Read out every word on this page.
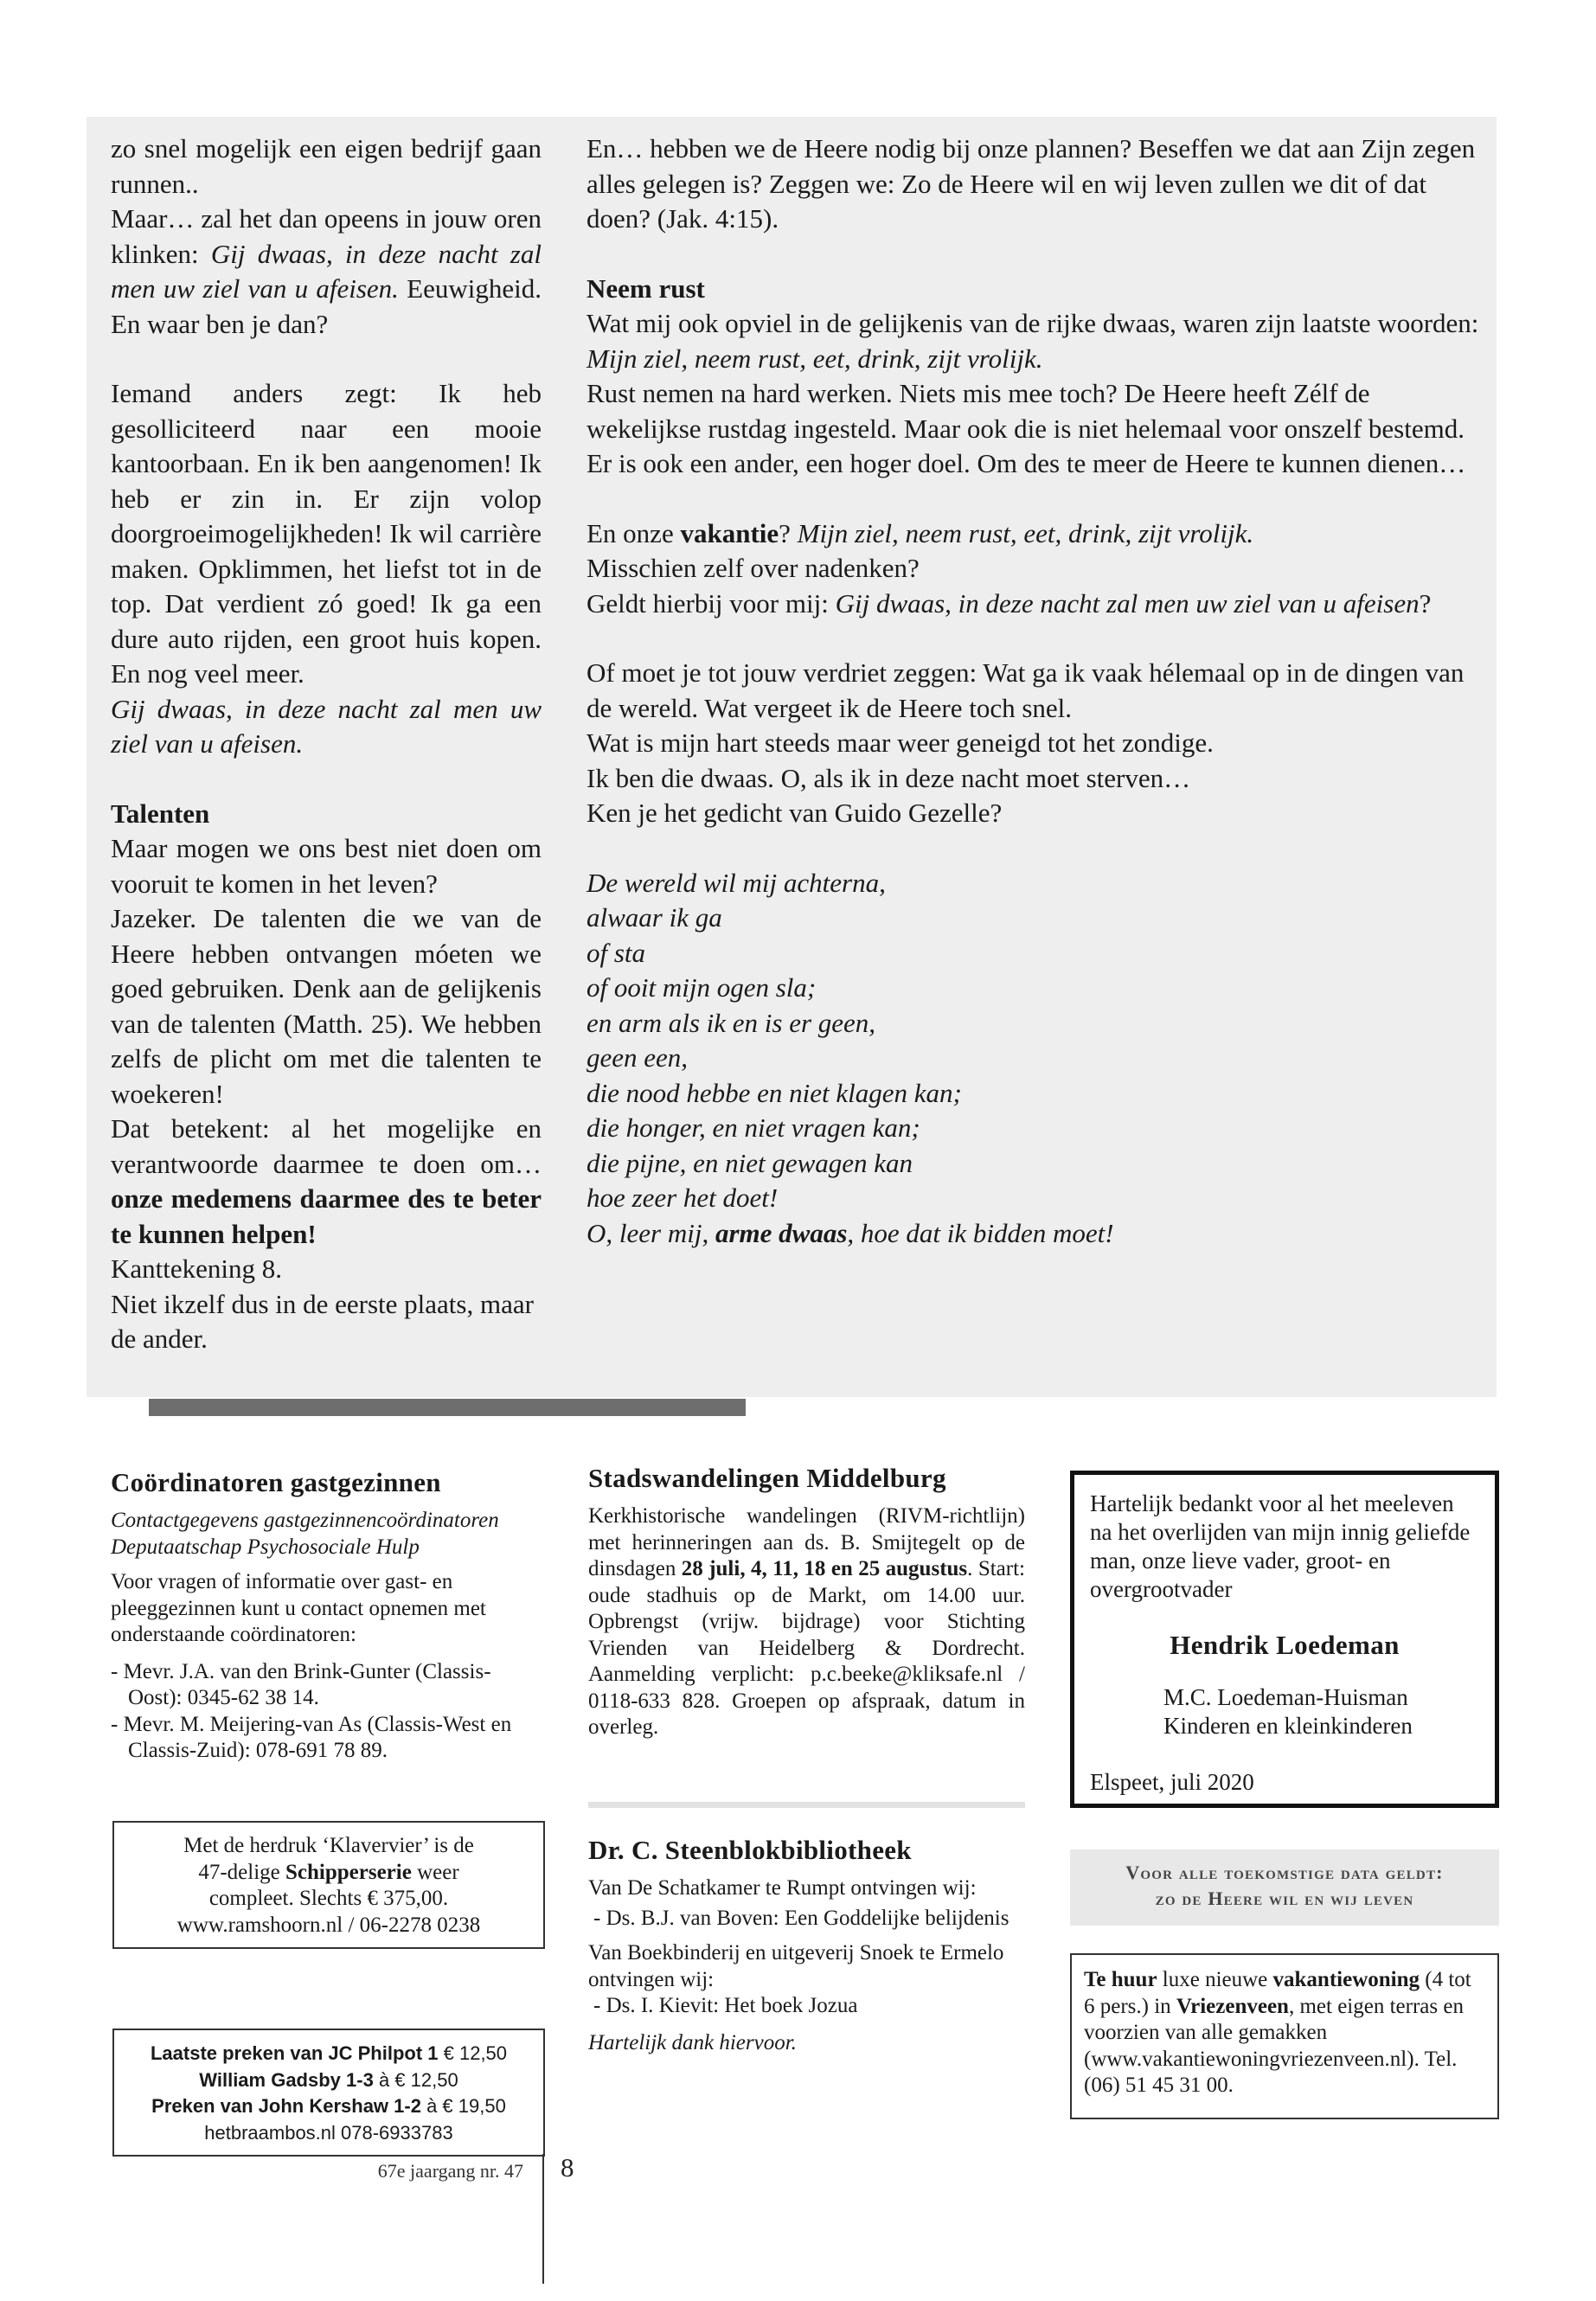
zo snel mogelijk een eigen bedrijf gaan runnen..

Maar… zal het dan opeens in jouw oren klinken: Gij dwaas, in deze nacht zal men uw ziel van u afeisen. Eeuwigheid. En waar ben je dan?

Iemand anders zegt: Ik heb gesolliciteerd naar een mooie kantoorbaan. En ik ben aangenomen! Ik heb er zin in. Er zijn volop doorgroeimogelijkheden! Ik wil carrière maken. Opklimmen, het liefst tot in de top. Dat verdient zó goed! Ik ga een dure auto rijden, een groot huis kopen. En nog veel meer.

Gij dwaas, in deze nacht zal men uw ziel van u afeisen.

Talenten

Maar mogen we ons best niet doen om vooruit te komen in het leven?

Jazeker. De talenten die we van de Heere hebben ontvangen móeten we goed gebruiken. Denk aan de gelijkenis van de talenten (Matth. 25). We hebben zelfs de plicht om met die talenten te woekeren!

Dat betekent: al het mogelijke en verantwoorde daarmee te doen om… onze medemens daarmee des te beter te kunnen helpen!

Kanttekening 8.

Niet ikzelf dus in de eerste plaats, maar de ander.

En… hebben we de Heere nodig bij onze plannen? Beseffen we dat aan Zijn zegen alles gelegen is? Zeggen we: Zo de Heere wil en wij leven zullen we dit of dat doen? (Jak. 4:15).

Neem rust

Wat mij ook opviel in de gelijkenis van de rijke dwaas, waren zijn laatste woorden: Mijn ziel, neem rust, eet, drink, zijt vrolijk.

Rust nemen na hard werken. Niets mis mee toch? De Heere heeft Zélf de wekelijkse rustdag ingesteld. Maar ook die is niet helemaal voor onszelf bestemd. Er is ook een ander, een hoger doel. Om des te meer de Heere te kunnen dienen…

En onze vakantie? Mijn ziel, neem rust, eet, drink, zijt vrolijk.

Misschien zelf over nadenken?

Geldt hierbij voor mij: Gij dwaas, in deze nacht zal men uw ziel van u afeisen?

Of moet je tot jouw verdriet zeggen: Wat ga ik vaak hélemaal op in de dingen van de wereld. Wat vergeet ik de Heere toch snel.

Wat is mijn hart steeds maar weer geneigd tot het zondige.

Ik ben die dwaas. O, als ik in deze nacht moet sterven…

Ken je het gedicht van Guido Gezelle?

De wereld wil mij achterna,

alwaar ik ga

of sta

of ooit mijn ogen sla;

en arm als ik en is er geen,

geen een,

die nood hebbe en niet klagen kan;

die honger, en niet vragen kan;

die pijne, en niet gewagen kan

hoe zeer het doet!

O, leer mij, arme dwaas, hoe dat ik bidden moet!

Coördinatoren gastgezinnen
Contactgegevens gastgezinnencoördinatoren
Deputaatschap Psychosociale Hulp
Voor vragen of informatie over gast- en pleeggezinnen kunt u contact opnemen met onderstaande coördinatoren:
- Mevr. J.A. van den Brink-Gunter (Classis-Oost): 0345-62 38 14.
- Mevr. M. Meijering-van As (Classis-West en Classis-Zuid): 078-691 78 89.
Met de herdruk ‘Klavervier’ is de
47-delige Schipperserie weer
compleet. Slechts € 375,00.
www.ramshoorn.nl / 06-2278 0238
Laatste preken van JC Philpot 1 € 12,50
William Gadsby 1-3 à € 12,50
Preken van John Kershaw 1-2 à € 19,50
hetbraambos.nl 078-6933783
Stadswandelingen Middelburg
Kerkhistorische wandelingen (RIVM-richtlijn) met herinneringen aan ds. B. Smijtegelt op de dinsdagen 28 juli, 4, 11, 18 en 25 augustus. Start: oude stadhuis op de Markt, om 14.00 uur. Opbrengst (vrijw. bijdrage) voor Stichting Vrienden van Heidelberg & Dordrecht. Aanmelding verplicht: p.c.beeke@kliksafe.nl / 0118-633 828. Groepen op afspraak, datum in overleg.
Dr. C. Steenblokbibliotheek
Van De Schatkamer te Rumpt ontvingen wij:
- Ds. B.J. van Boven: Een Goddelijke belijdenis
Van Boekbinderij en uitgeverij Snoek te Ermelo ontvingen wij:
- Ds. I. Kievit: Het boek Jozua
Hartelijk dank hiervoor.
Hartelijk bedankt voor al het meeleven na het overlijden van mijn innig geliefde man, onze lieve vader, groot- en overgrootvader
Hendrik Loedeman
M.C. Loedeman-Huisman
Kinderen en kleinkinderen
Elspeet, juli 2020
Voor alle toekomstige data geldt:
zo de Heere wil en wij leven
Te huur luxe nieuwe vakantiewoning (4 tot 6 pers.) in Vriezenveen, met eigen terras en voorzien van alle gemakken (www.vakantiewoningvriezenveen.nl). Tel. (06) 51 45 31 00.
67e jaargang nr. 47 8
